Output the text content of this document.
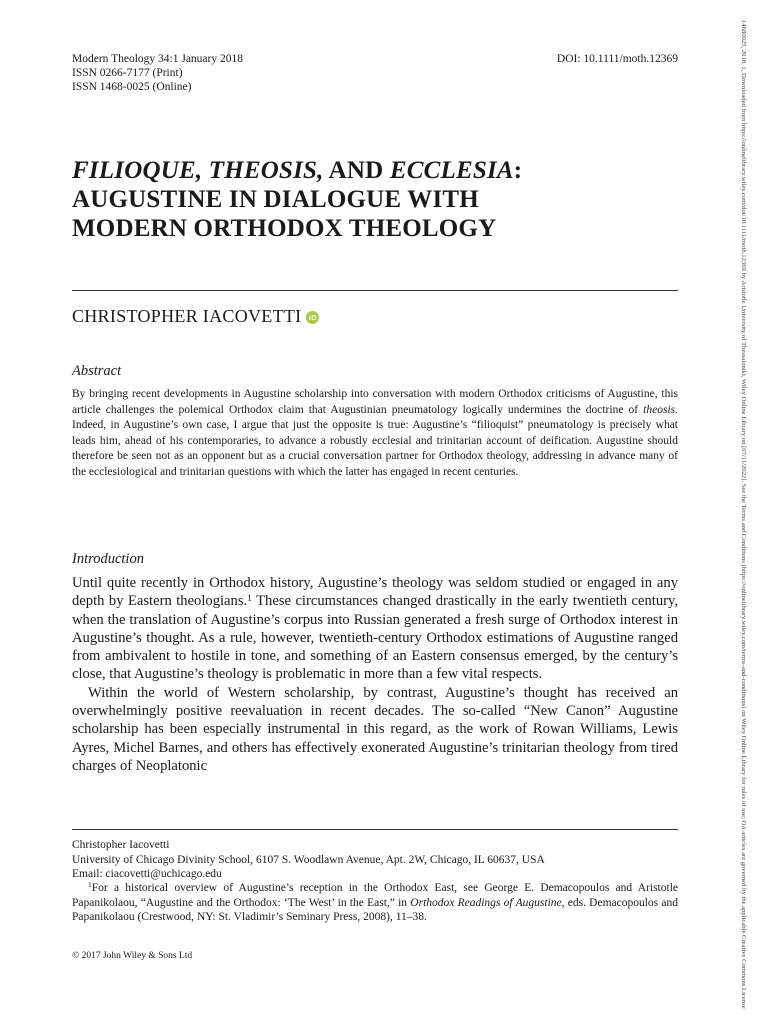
Modern Theology 34:1 January 2018
ISSN 0266-7177 (Print)
ISSN 1468-0025 (Online)
DOI: 10.1111/moth.12369
FILIOQUE, THEOSIS, AND ECCLESIA:
AUGUSTINE IN DIALOGUE WITH
MODERN ORTHODOX THEOLOGY
CHRISTOPHER IACOVETTI iD
Abstract
By bringing recent developments in Augustine scholarship into conversation with modern Orthodox criticisms of Augustine, this article challenges the polemical Orthodox claim that Augustinian pneumatology logically undermines the doctrine of theosis. Indeed, in Augustine’s own case, I argue that just the opposite is true: Augustine’s “filioquist” pneumatology is precisely what leads him, ahead of his contemporaries, to advance a robustly ecclesial and trinitarian account of deification. Augustine should therefore be seen not as an opponent but as a crucial conversation partner for Orthodox theology, addressing in advance many of the ecclesiological and trinitarian questions with which the latter has engaged in recent centuries.
Introduction

Until quite recently in Orthodox history, Augustine’s theology was seldom studied or engaged in any depth by Eastern theologians.$^1$ These circumstances changed drastically in the early twentieth century, when the translation of Augustine’s corpus into Russian generated a fresh surge of Orthodox interest in Augustine’s thought. As a rule, however, twentieth-century Orthodox estimations of Augustine ranged from ambivalent to hostile in tone, and something of an Eastern consensus emerged, by the century’s close, that Augustine’s theology is problematic in more than a few vital respects.

Within the world of Western scholarship, by contrast, Augustine’s thought has received an overwhelmingly positive reevaluation in recent decades. The so-called “New Canon” Augustine scholarship has been especially instrumental in this regard, as the work of Rowan Williams, Lewis Ayres, Michel Barnes, and others has effectively exonerated Augustine’s trinitarian theology from tired charges of Neoplatonic

Christopher Iacovetti
University of Chicago Divinity School, 6107 S. Woodlawn Avenue, Apt. 2W, Chicago, IL 60637, USA
Email: ciacovetti@uchicago.edu
$^1$For a historical overview of Augustine’s reception in the Orthodox East, see George E. Demacopoulos and Aristotle Papanikolaou, “Augustine and the Orthodox: ‘The West’ in the East,” in Orthodox Readings of Augustine, eds. Demacopoulos and Papanikolaou (Crestwood, NY: St. Vladimir’s Seminary Press, 2008), 11–38.
© 2017 John Wiley & Sons Ltd	14680025, 2018, 1, Downloaded from https://onlinelibrary.wiley.com/doi/10.1111/moth.12369 by Aristotle University of Thessaloniki, Wiley Online Library on [07/11/2022]. See the Terms and Conditions (https://onlinelibrary.wiley.com/terms-and-conditions) on Wiley Online Library for rules of use; OA articles are governed by the applicable Creative Commons License
